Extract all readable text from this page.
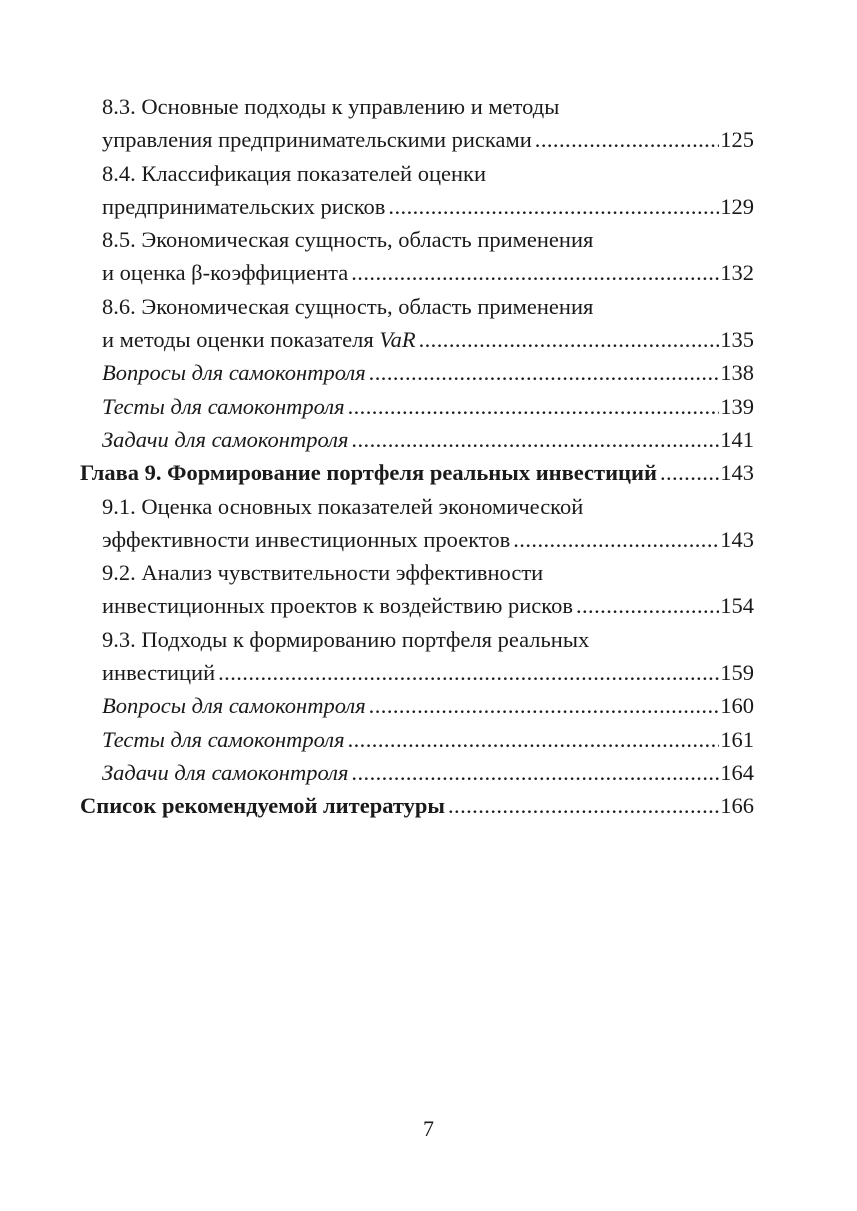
8.3. Основные подходы к управлению и методы
управления предпринимательскими рисками . . .	125
8.4. Классификация показателей оценки
предпринимательских рисков . . .	129
8.5. Экономическая сущность, область применения
и оценка β-коэффициента . . .	132
8.6. Экономическая сущность, область применения
и методы оценки показателя VaR . . .	135
Вопросы для самоконтроля . . .	138
Тесты для самоконтроля . . .	139
Задачи для самоконтроля . . .	141
Глава 9. Формирование портфеля реальных инвестиций . . .	143
9.1. Оценка основных показателей экономической
эффективности инвестиционных проектов . . .	143
9.2. Анализ чувствительности эффективности
инвестиционных проектов к воздействию рисков . . .	154
9.3. Подходы к формированию портфеля реальных
инвестиций . . .	159
Вопросы для самоконтроля . . .	160
Тесты для самоконтроля . . .	161
Задачи для самоконтроля . . .	164
Список рекомендуемой литературы . . .	166
7
